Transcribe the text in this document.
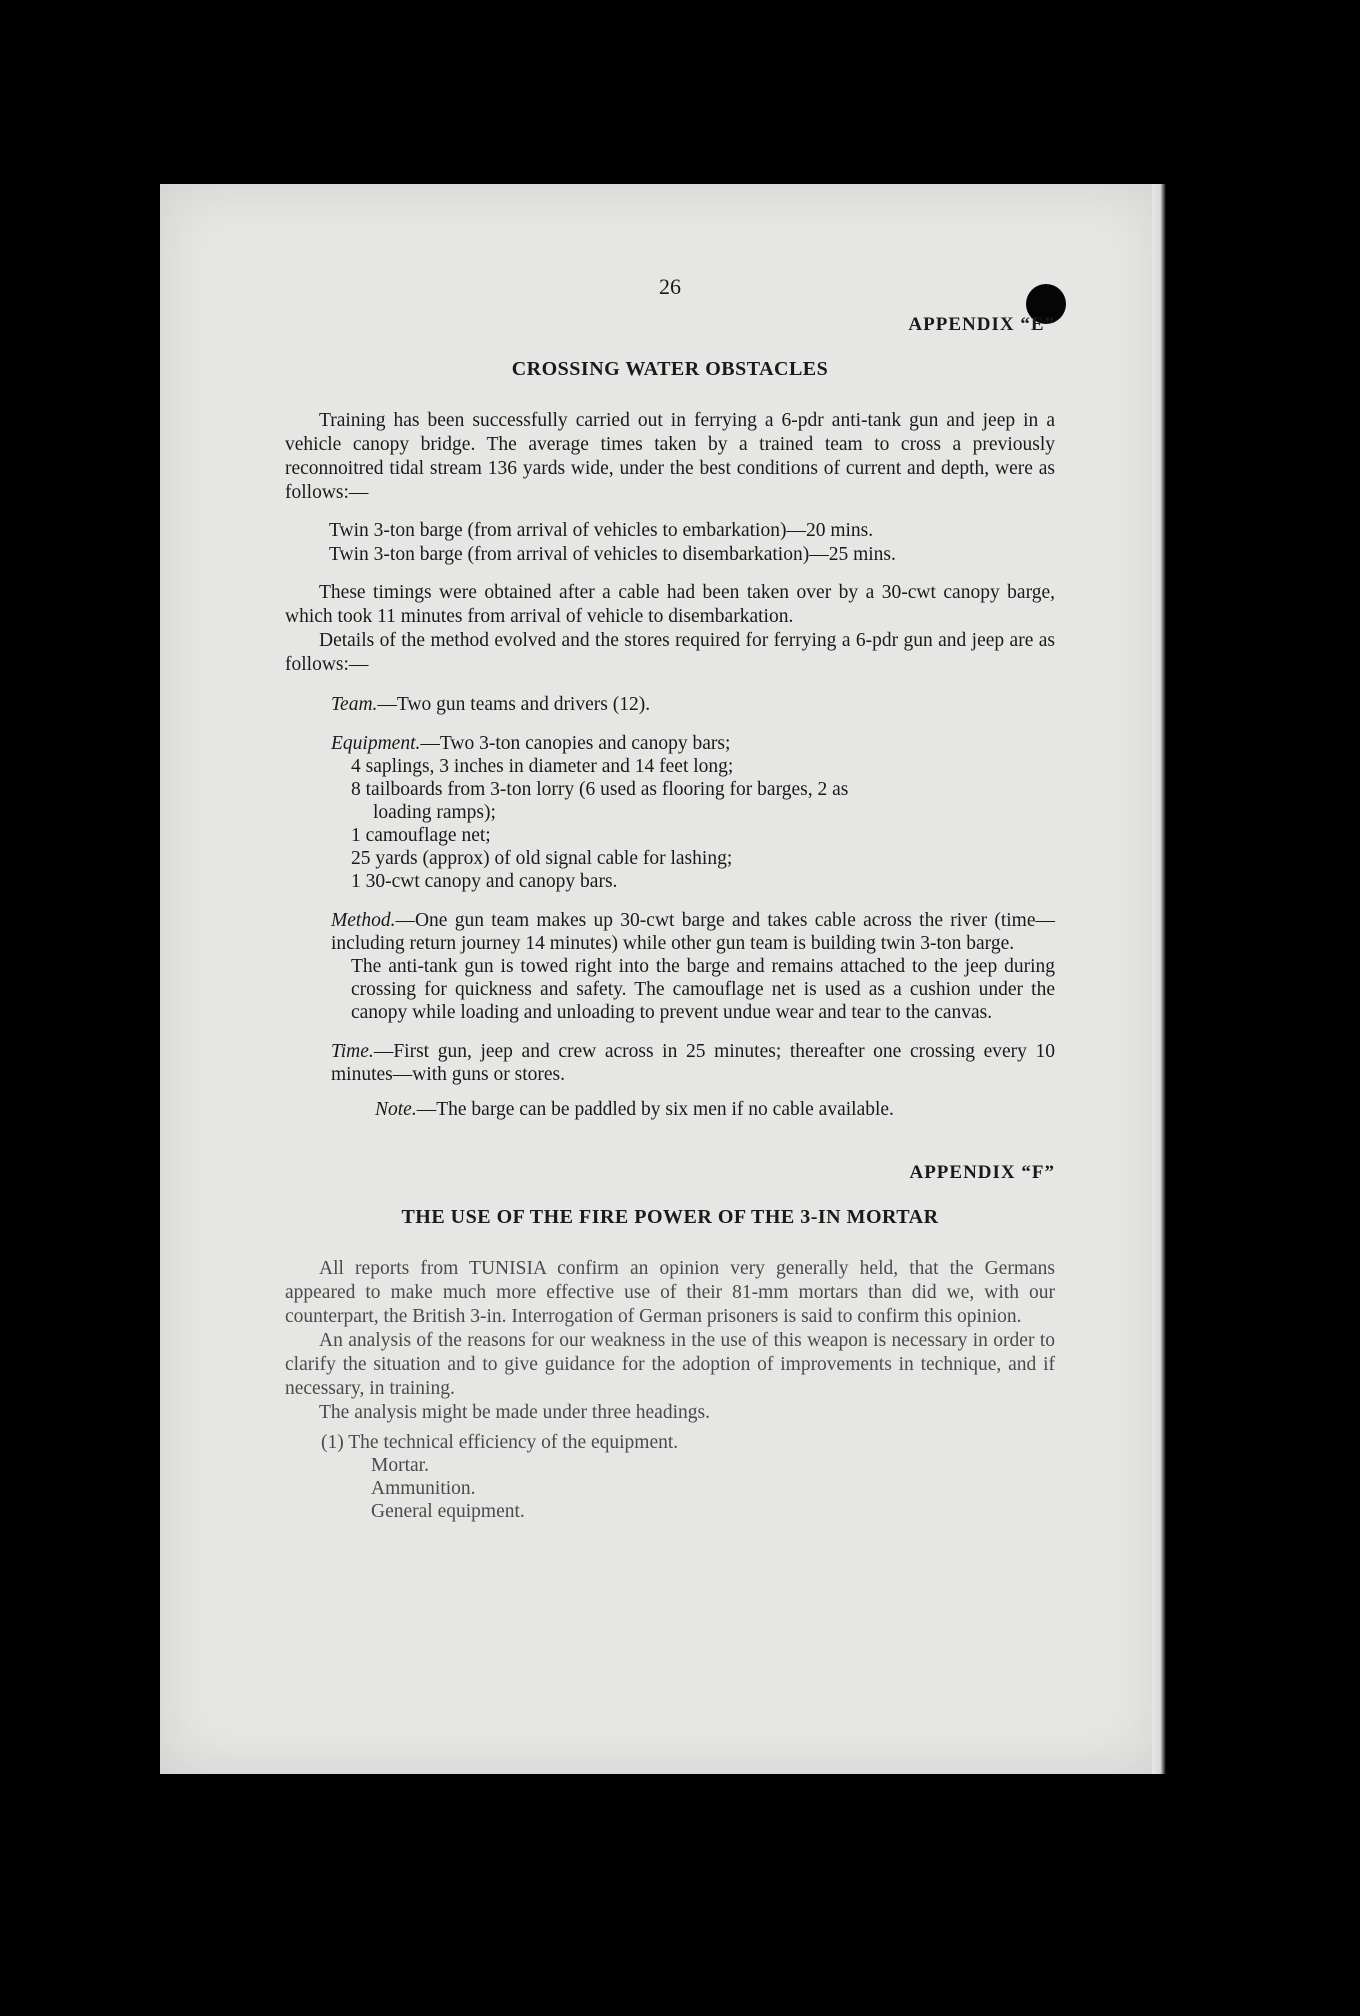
26
APPENDIX “E”
CROSSING WATER OBSTACLES

Training has been successfully carried out in ferrying a 6-pdr anti-tank gun and jeep in a vehicle canopy bridge. The average times taken by a trained team to cross a previously reconnoitred tidal stream 136 yards wide, under the best conditions of current and depth, were as follows:—

Twin 3-ton barge (from arrival of vehicles to embarkation)—20 mins.
Twin 3-ton barge (from arrival of vehicles to disembarkation)—25 mins.

These timings were obtained after a cable had been taken over by a 30-cwt canopy barge, which took 11 minutes from arrival of vehicle to disembarkation.

Details of the method evolved and the stores required for ferrying a 6-pdr gun and jeep are as follows:—

Team.—Two gun teams and drivers (12).
Equipment.—Two 3-ton canopies and canopy bars;
4 saplings, 3 inches in diameter and 14 feet long;
8 tailboards from 3-ton lorry (6 used as flooring for barges, 2 as
loading ramps);
1 camouflage net;
25 yards (approx) of old signal cable for lashing;
1 30-cwt canopy and canopy bars.
Method.—One gun team makes up 30-cwt barge and takes cable across the river (time—including return journey 14 minutes) while other gun team is building twin 3-ton barge.
The anti-tank gun is towed right into the barge and remains attached to the jeep during crossing for quickness and safety. The camouflage net is used as a cushion under the canopy while loading and unloading to prevent undue wear and tear to the canvas.
Time.—First gun, jeep and crew across in 25 minutes; thereafter one crossing every 10 minutes—with guns or stores.
Note.—The barge can be paddled by six men if no cable available.
APPENDIX “F”
THE USE OF THE FIRE POWER OF THE 3-IN MORTAR

All reports from TUNISIA confirm an opinion very generally held, that the Germans appeared to make much more effective use of their 81-mm mortars than did we, with our counterpart, the British 3-in. Interrogation of German prisoners is said to confirm this opinion.

An analysis of the reasons for our weakness in the use of this weapon is necessary in order to clarify the situation and to give guidance for the adoption of improvements in technique, and if necessary, in training.

The analysis might be made under three headings.

(1) The technical efficiency of the equipment.
Mortar.
Ammunition.
General equipment.
